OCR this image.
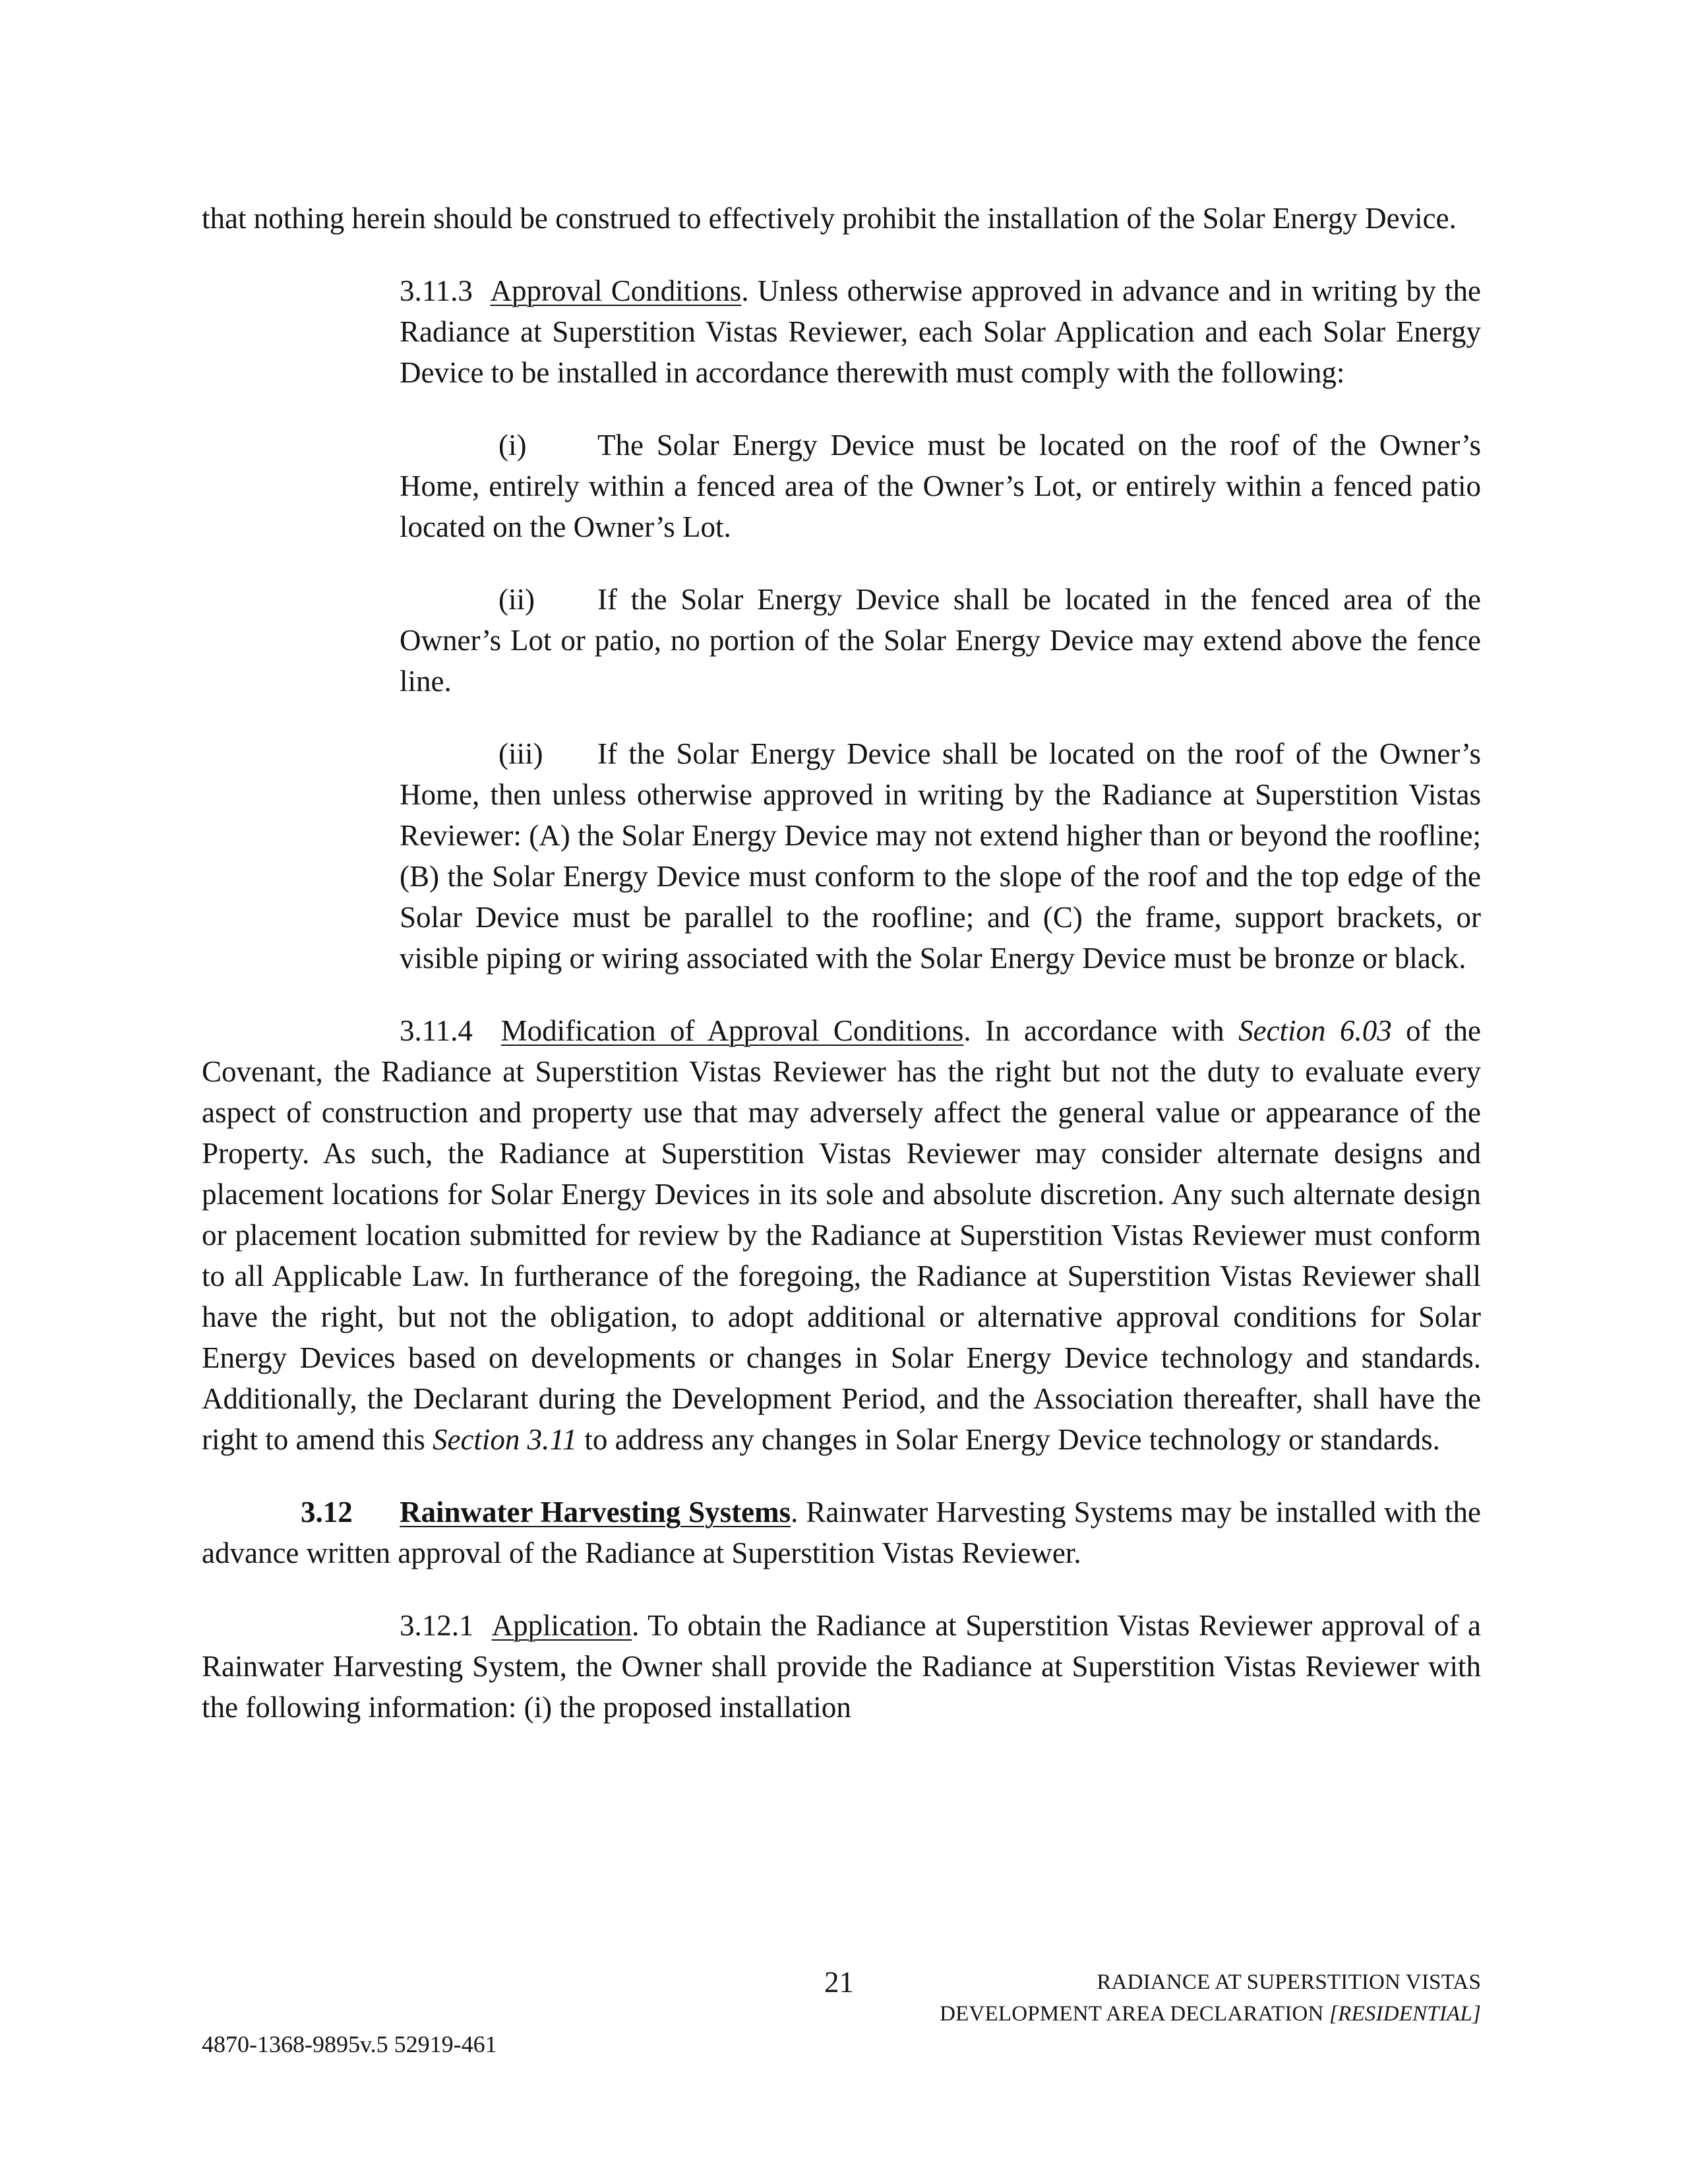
that nothing herein should be construed to effectively prohibit the installation of the Solar Energy Device.

3.11.3 Approval Conditions. Unless otherwise approved in advance and in writing by the Radiance at Superstition Vistas Reviewer, each Solar Application and each Solar Energy Device to be installed in accordance therewith must comply with the following:

(i) The Solar Energy Device must be located on the roof of the Owner’s Home, entirely within a fenced area of the Owner’s Lot, or entirely within a fenced patio located on the Owner’s Lot.

(ii) If the Solar Energy Device shall be located in the fenced area of the Owner’s Lot or patio, no portion of the Solar Energy Device may extend above the fence line.

(iii) If the Solar Energy Device shall be located on the roof of the Owner’s Home, then unless otherwise approved in writing by the Radiance at Superstition Vistas Reviewer: (A) the Solar Energy Device may not extend higher than or beyond the roofline; (B) the Solar Energy Device must conform to the slope of the roof and the top edge of the Solar Device must be parallel to the roofline; and (C) the frame, support brackets, or visible piping or wiring associated with the Solar Energy Device must be bronze or black.

3.11.4 Modification of Approval Conditions. In accordance with Section 6.03 of the Covenant, the Radiance at Superstition Vistas Reviewer has the right but not the duty to evaluate every aspect of construction and property use that may adversely affect the general value or appearance of the Property. As such, the Radiance at Superstition Vistas Reviewer may consider alternate designs and placement locations for Solar Energy Devices in its sole and absolute discretion. Any such alternate design or placement location submitted for review by the Radiance at Superstition Vistas Reviewer must conform to all Applicable Law. In furtherance of the foregoing, the Radiance at Superstition Vistas Reviewer shall have the right, but not the obligation, to adopt additional or alternative approval conditions for Solar Energy Devices based on developments or changes in Solar Energy Device technology and standards. Additionally, the Declarant during the Development Period, and the Association thereafter, shall have the right to amend this Section 3.11 to address any changes in Solar Energy Device technology or standards.

3.12 Rainwater Harvesting Systems. Rainwater Harvesting Systems may be installed with the advance written approval of the Radiance at Superstition Vistas Reviewer.

3.12.1 Application. To obtain the Radiance at Superstition Vistas Reviewer approval of a Rainwater Harvesting System, the Owner shall provide the Radiance at Superstition Vistas Reviewer with the following information: (i) the proposed installation

21	RADIANCE AT SUPERSTITION VISTAS
DEVELOPMENT AREA DECLARATION [RESIDENTIAL]
4870-1368-9895v.5 52919-461
